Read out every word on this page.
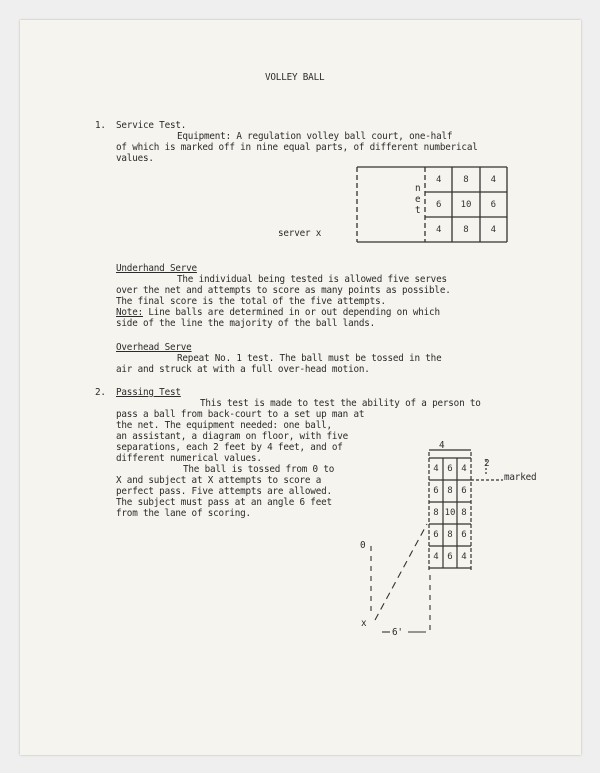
VOLLEY BALL
1. Service Test.
Equipment: A regulation volley ball court, one-half
of which is marked off in nine equal parts, of different numberical
values.
n
e
t
server x
4	8	4
6	10	6
4	8	4
Underhand Serve
The individual being tested is allowed five serves
over the net and attempts to score as many points as possible.
The final score is the total of the five attempts.
Note: Line balls are determined in or out depending on which
side of the line the majority of the ball lands.
Overhead Serve
Repeat No. 1 test. The ball must be tossed in the
air and struck at with a full over-head motion.
2. Passing Test
This test is made to test the ability of a person to
pass a ball from back-court to a set up man at
the net. The equipment needed: one ball,
an assistant, a diagram on floor, with five
separations, each 2 feet by 4 feet, and of
different numerical values.
The ball is tossed from 0 to
X and subject at X attempts to score a
perfect pass. Five attempts are allowed.
The subject must pass at an angle 6 feet
from the lane of scoring.
4
2
marked
0
x
6'
4 6 4
6 8 6
8 10 8
6 8 6
4 6 4
